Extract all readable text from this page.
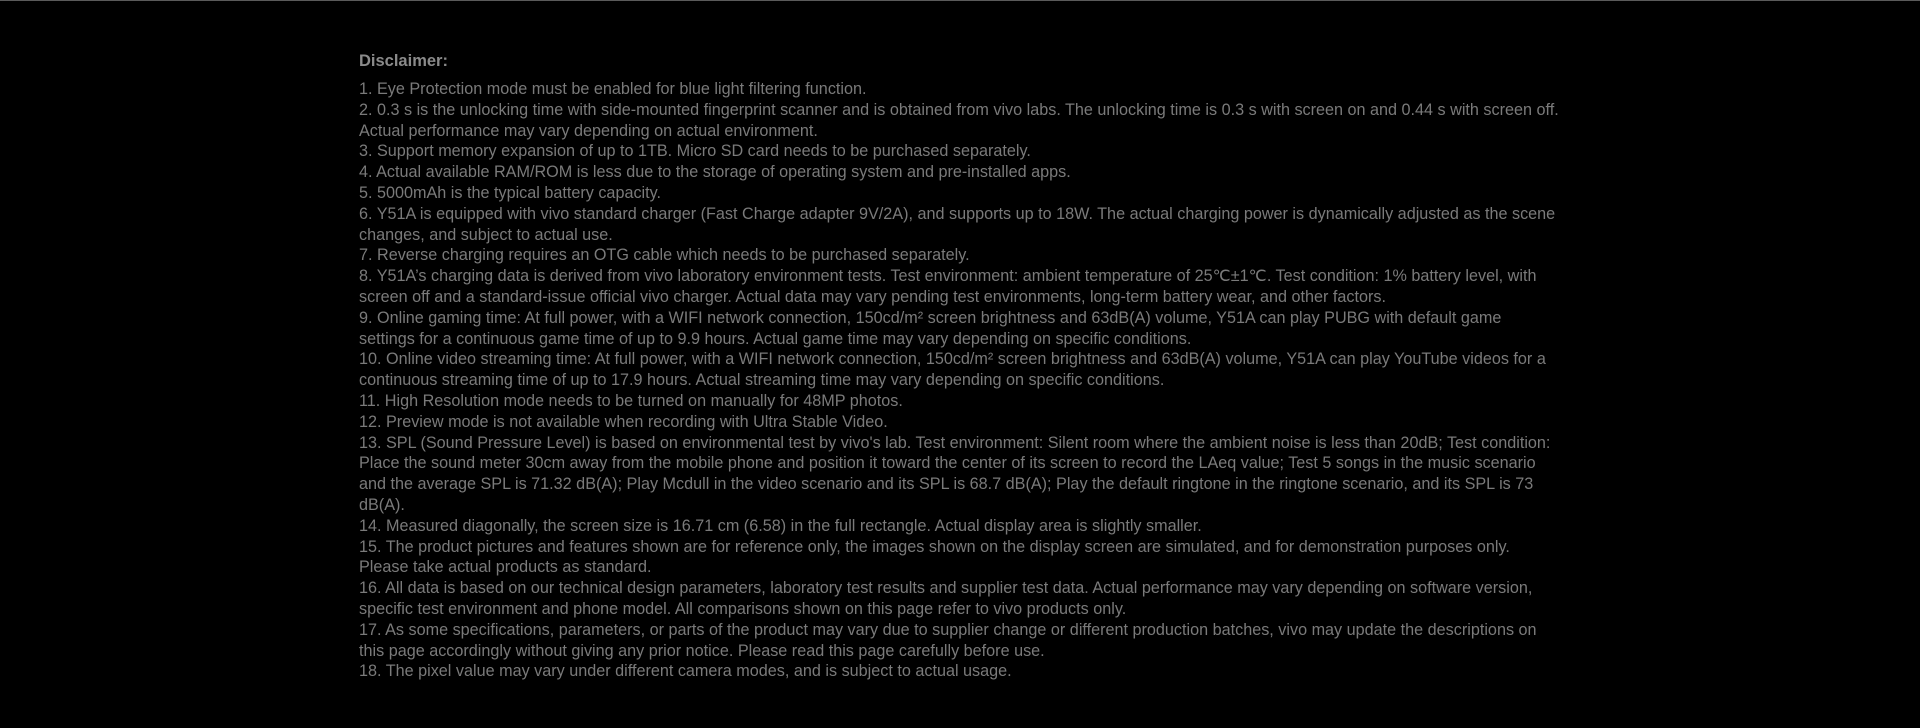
Disclaimer:
1. Eye Protection mode must be enabled for blue light filtering function.
2. 0.3 s is the unlocking time with side-mounted fingerprint scanner and is obtained from vivo labs. The unlocking time is 0.3 s with screen on and 0.44 s with screen off. Actual performance may vary depending on actual environment.
3. Support memory expansion of up to 1TB. Micro SD card needs to be purchased separately.
4. Actual available RAM/ROM is less due to the storage of operating system and pre-installed apps.
5. 5000mAh is the typical battery capacity.
6. Y51A is equipped with vivo standard charger (Fast Charge adapter 9V/2A), and supports up to 18W. The actual charging power is dynamically adjusted as the scene changes, and subject to actual use.
7. Reverse charging requires an OTG cable which needs to be purchased separately.
8. Y51A’s charging data is derived from vivo laboratory environment tests. Test environment: ambient temperature of 25℃±1℃. Test condition: 1% battery level, with screen off and a standard-issue official vivo charger. Actual data may vary pending test environments, long-term battery wear, and other factors.
9. Online gaming time: At full power, with a WIFI network connection, 150cd/m² screen brightness and 63dB(A) volume, Y51A can play PUBG with default game settings for a continuous game time of up to 9.9 hours. Actual game time may vary depending on specific conditions.
10. Online video streaming time: At full power, with a WIFI network connection, 150cd/m² screen brightness and 63dB(A) volume, Y51A can play YouTube videos for a continuous streaming time of up to 17.9 hours. Actual streaming time may vary depending on specific conditions.
11. High Resolution mode needs to be turned on manually for 48MP photos.
12. Preview mode is not available when recording with Ultra Stable Video.
13. SPL (Sound Pressure Level) is based on environmental test by vivo's lab. Test environment: Silent room where the ambient noise is less than 20dB; Test condition: Place the sound meter 30cm away from the mobile phone and position it toward the center of its screen to record the LAeq value; Test 5 songs in the music scenario and the average SPL is 71.32 dB(A); Play Mcdull in the video scenario and its SPL is 68.7 dB(A); Play the default ringtone in the ringtone scenario, and its SPL is 73 dB(A).
14. Measured diagonally, the screen size is 16.71 cm (6.58) in the full rectangle. Actual display area is slightly smaller.
15. The product pictures and features shown are for reference only, the images shown on the display screen are simulated, and for demonstration purposes only. Please take actual products as standard.
16. All data is based on our technical design parameters, laboratory test results and supplier test data. Actual performance may vary depending on software version, specific test environment and phone model. All comparisons shown on this page refer to vivo products only.
17. As some specifications, parameters, or parts of the product may vary due to supplier change or different production batches, vivo may update the descriptions on this page accordingly without giving any prior notice. Please read this page carefully before use.
18. The pixel value may vary under different camera modes, and is subject to actual usage.
